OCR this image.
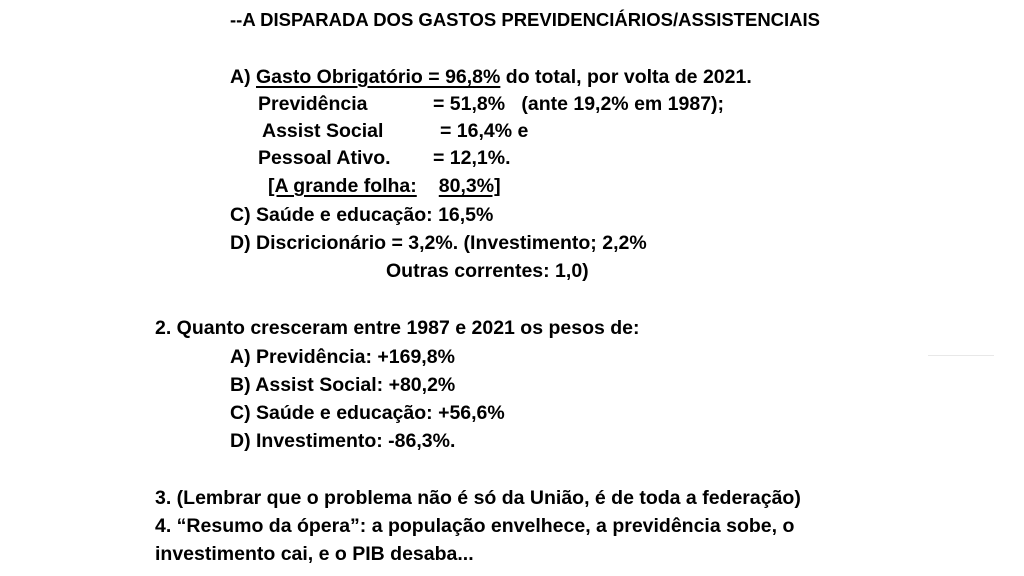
--A DISPARADA DOS GASTOS PREVIDENCIÁRIOS/ASSISTENCIAIS
A) Gasto Obrigatório = 96,8% do total, por volta de 2021.
Previdência	= 51,8%   (ante 19,2% em 1987);
Assist Social	= 16,4% e
Pessoal Ativo. = 12,1%.
[A grande folha: 80,3%]
C) Saúde e educação: 16,5%
D) Discricionário = 3,2%. (Investimento; 2,2%
Outras correntes: 1,0)
2. Quanto cresceram entre 1987 e 2021 os pesos de:
A) Previdência: +169,8%
B) Assist Social: +80,2%
C) Saúde e educação: +56,6%
D) Investimento: -86,3%.
3. (Lembrar que o problema não é só da União, é de toda a federação)
4. “Resumo da ópera”: a população envelhece, a previdência sobe, o
investimento cai, e o PIB desaba...
